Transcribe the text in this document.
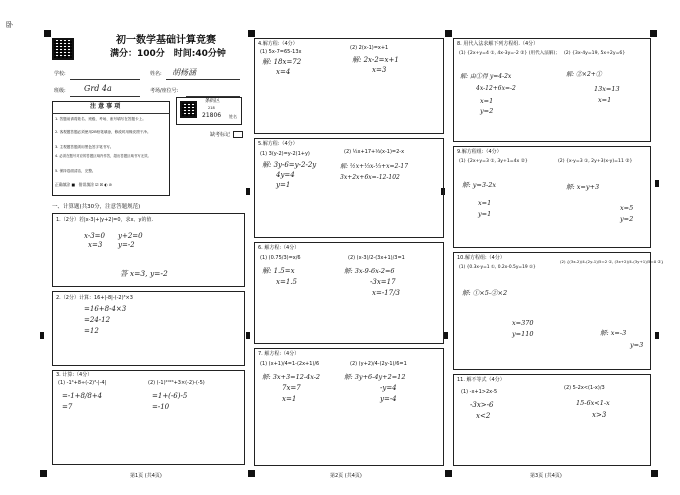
卧
初一数学基础计算竞赛
满分：100分　时间:40分钟
学校:	姓名: 胡杨涵
班级: Grd 4a	考场/座位号:
注 意 事 项
1. 答题前请将姓名、班级、考场、座号填写在答题卡上。
2. 客观题答题必须使用2B铅笔填涂，修改时用橡皮擦干净。
3. 主观题答题须用黑色签字笔书写。
4. 必须在题号对应的答题区域内作答，超出答题区域书写无效。
5. 保持卷面清洁，完整。
正确填涂 ■　错误填涂 ☑ ☒ ◐ ⊘
条码区
218
21806 姓名
缺考标记
一、计算题(共30分，注意答题规范)
1.（2分）若|x-3|+|y+2|=0，求x、y的值.
x-3=0
x=3
y+2=0
y=-2
答 x=3, y=-2
2.（2分）计算：16+|-8|-(-2)³×3
=16+8-4×3
=24-12
=12
3. 计算:（4分）
(1) -1⁴+8÷(-2)³-|-4|
=-1+8/8+4
=7
(2) (-1)²⁰²⁴+3×(-2)-(-5)
=1+(-6)-5
=-10
第1页 (共4页)
4.解方程:（4分）
(1) 5x-7=65-13x
解: 18x=72
x=4
(2) 2(x-1)=x+1
解: 2x-2=x+1
x=3
5.解方程:（4分）
(1) 3(y-2)=y-2(1+y)
解: 3y-6=y-2-2y
4y=4
y=1
(2) ½x+17+⅓(x-1)=2-x
解: ½x+⅓x-⅓+x=2-17
3x+2x+6x=-12-102
6. 解方程:（4分）
(1) (0.75/3)=x/6
解: 1.5=x
x=1.5
(2) (x-3)/2-(3x+1)/3=1
解: 3x-9-6x-2=6
-3x=17
x=-17/3
7. 解方程:（4分）
(1) (x+1)/4=1-(2x+1)/6
解: 3x+3=12-4x-2
7x=7
x=1
(2) (y+2)/4-(2y-1)/6=1
解: 3y+6-4y+2=12
-y=4
y=-4
第2页 (共4页)
8. 用代入法求解下列方程组.（4分）
(1) {2x+y=4 ①, 4x-3y=-2 ②} (用代入法解)；
解: 由①得 y=4-2x
4x-12+6x=-2
x=1
y=2
(2) {3x-4y=19, 5x+2y=6}
解: ②×2+①
13x=13
x=1
9.解方程组:（4分）
(1) {2x+y=3 ①, 3y+1=4x ②}
解: y=3-2x
x=1
y=1
(2) {x-y=3 ①, 2y+3(x-y)=11 ②}
解: x=y+3
x=5
y=2
10.解方程组:（4分）
(1) {0.3x-y=1 ①, 0.2x-0.5y=19 ②}
解: ①×5-②×2
x=370
y=110
(2) {(3x-2)/4-(2y-1)/5=2 ①, (3x+2)/4-(3y+1)/5=0 ②}
解: x=-3
y=3
11. 解不等式（4分）
(1) -x+1>2x-5
-3x>-6
x<2
(2) 5-2x<(1-x)/3
15-6x<1-x
x>3
第3页 (共4页)
